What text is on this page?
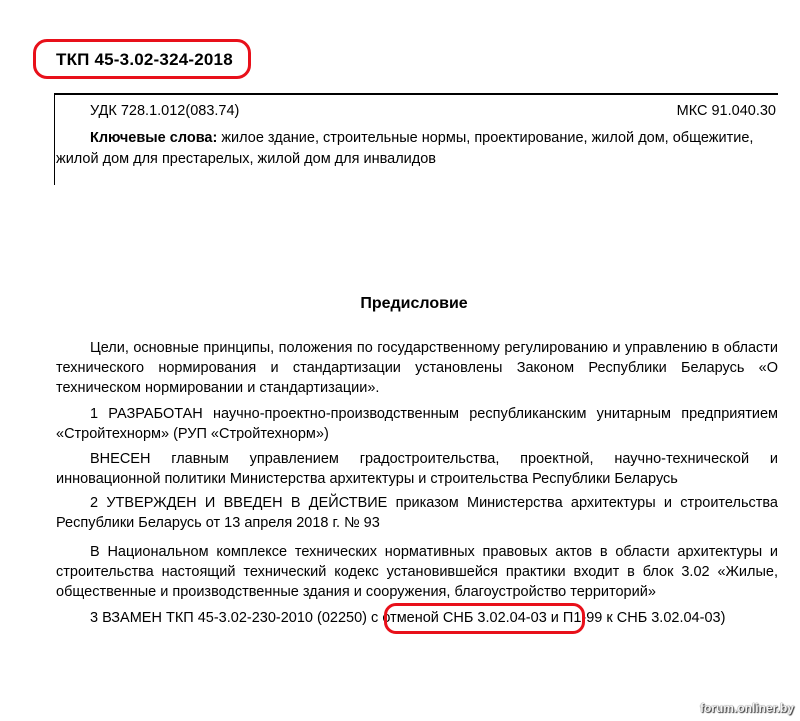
ТКП 45-3.02-324-2018
УДК 728.1.012(083.74)	МКС 91.040.30
Ключевые слова: жилое здание, строительные нормы, проектирование, жилой дом, общежитие, жилой дом для престарелых, жилой дом для инвалидов
Предисловие
Цели, основные принципы, положения по государственному регулированию и управлению в области технического нормирования и стандартизации установлены Законом Республики Беларусь «О техническом нормировании и стандартизации».
1 РАЗРАБОТАН научно-проектно-производственным республиканским унитарным предприятием «Стройтехнорм» (РУП «Стройтехнорм»)
ВНЕСЕН главным управлением градостроительства, проектной, научно-технической и инновационной политики Министерства архитектуры и строительства Республики Беларусь
2 УТВЕРЖДЕН И ВВЕДЕН В ДЕЙСТВИЕ приказом Министерства архитектуры и строительства Республики Беларусь от 13 апреля 2018 г. № 93
В Национальном комплексе технических нормативных правовых актов в области архитектуры и строительства настоящий технический кодекс установившейся практики входит в блок 3.02 «Жилые, общественные и производственные здания и сооружения, благоустройство территорий»
3 ВЗАМЕН ТКП 45-3.02-230-2010 (02250) с отменой СНБ 3.02.04-03 и П1-99 к СНБ 3.02.04-03)
forum.onliner.by
